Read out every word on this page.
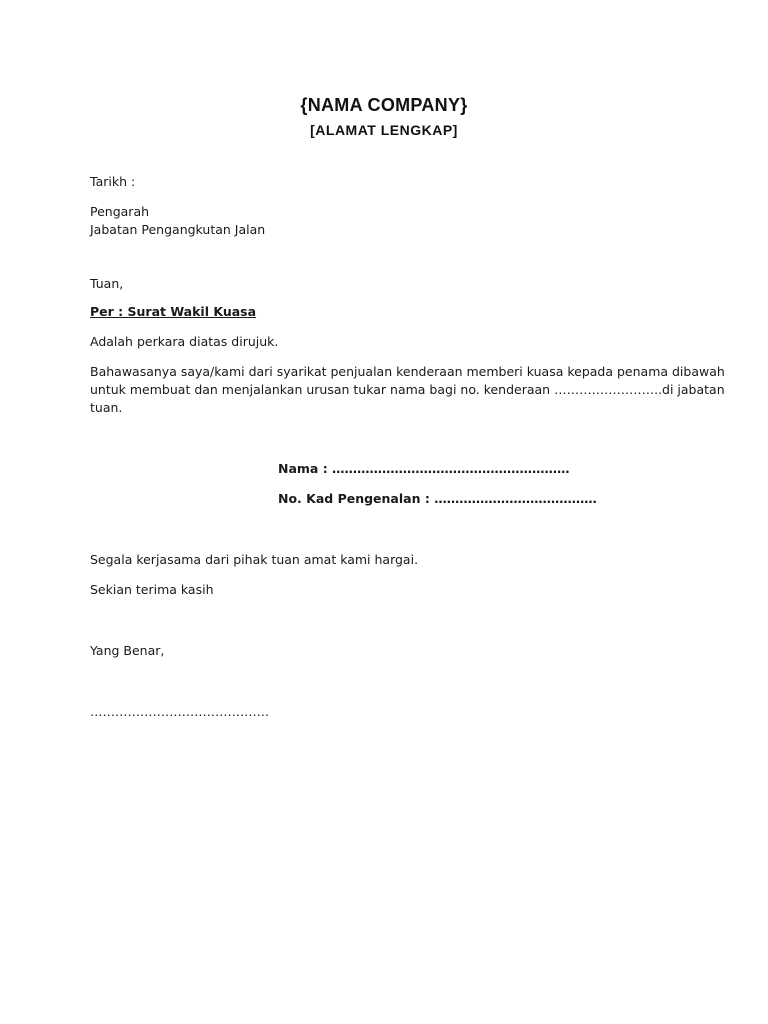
{NAMA COMPANY}
[ALAMAT LENGKAP]
Tarikh :
Pengarah
Jabatan Pengangkutan Jalan
Tuan,
Per : Surat Wakil Kuasa
Adalah perkara diatas dirujuk.
Bahawasanya saya/kami dari syarikat penjualan kenderaan memberi kuasa kepada penama dibawah
untuk membuat dan menjalankan urusan tukar nama bagi no. kenderaan ……………………..di jabatan
tuan.
Nama : …………………………………………………
No. Kad Pengenalan : …………………………………
Segala kerjasama dari pihak tuan amat kami hargai.
Sekian terima kasih
Yang Benar,
…………………………………….
